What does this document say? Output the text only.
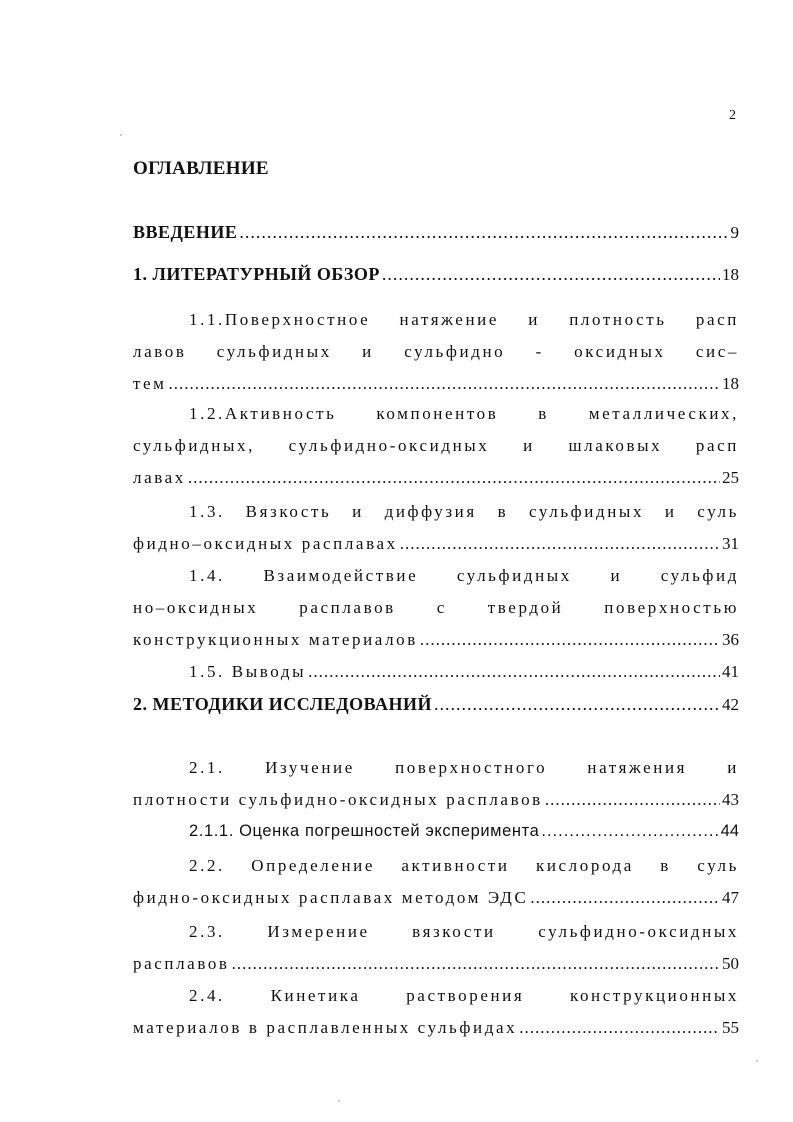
2
ОГЛАВЛЕНИЕ
ВВЕДЕНИЕ .....	9
1. ЛИТЕРАТУРНЫЙ ОБЗОР .....	18
1.1.Поверхностное натяжение и плотность расп
лавов сульфидных и сульфидно - оксидных сис–
тем .....	18
1.2.Активность компонентов в металлических,
сульфидных, сульфидно-оксидных и шлаковых расп
лавах .....	25
1.3. Вязкость и диффузия в сульфидных и суль
фидно–оксидных расплавах .....	31
1.4. Взаимодействие сульфидных и сульфид
но–оксидных расплавов с твердой поверхностью
конструкционных материалов .....	36
1.5. Выводы .....	41
2. МЕТОДИКИ ИССЛЕДОВАНИЙ .....	42
2.1. Изучение поверхностного натяжения и
плотности сульфидно-оксидных расплавов .....	43
2.1.1. Оценка погрешностей эксперимента .....	44
2.2. Определение активности кислорода в суль
фидно-оксидных расплавах методом ЭДС .....	47
2.3. Измерение вязкости сульфидно-оксидных
расплавов .....	50
2.4. Кинетика растворения конструкционных
материалов в расплавленных сульфидах .....	55
